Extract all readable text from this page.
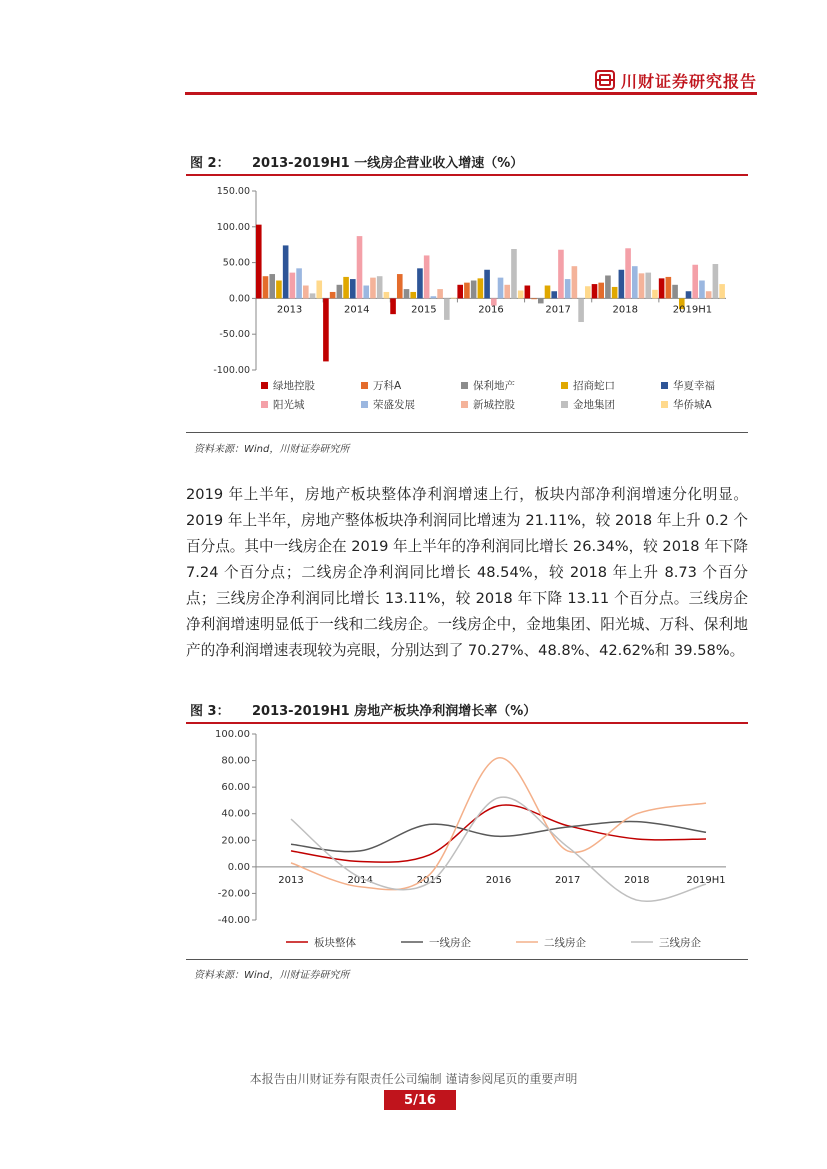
川财证券研究报告
图 2：	2013-2019H1 一线房企营业收入增速（%）
150.00
100.00
50.00
0.00
-50.00
-100.00
2013	2014	2015	2016	2017	2018	2019H1
绿地控股	万科A	保利地产	招商蛇口	华夏幸福
阳光城	荣盛发展	新城控股	金地集团	华侨城A
资料来源：Wind，川财证券研究所

2019 年上半年，房地产板块整体净利润增速上行，板块内部净利润增速分化明显。2019 年上半年，房地产整体板块净利润同比增速为 21.11%，较 2018 年上升 0.2 个百分点。其中一线房企在 2019 年上半年的净利润同比增长 26.34%，较 2018 年下降 7.24 个百分点；二线房企净利润同比增长 48.54%，较 2018 年上升 8.73 个百分点；三线房企净利润同比增长 13.11%，较 2018 年下降 13.11 个百分点。三线房企净利润增速明显低于一线和二线房企。一线房企中，金地集团、阳光城、万科、保利地产的净利润增速表现较为亮眼，分别达到了 70.27%、48.8%、42.62%和 39.58%。

图 3：	2013-2019H1 房地产板块净利润增长率（%）
100.00
80.00
60.00
40.00
20.00
0.00
-20.00
-40.00
2013	2014	2015	2016	2017	2018	2019H1
板块整体	一线房企	二线房企	三线房企
资料来源：Wind，川财证券研究所
本报告由川财证券有限责任公司编制 谨请参阅尾页的重要声明
5/16
